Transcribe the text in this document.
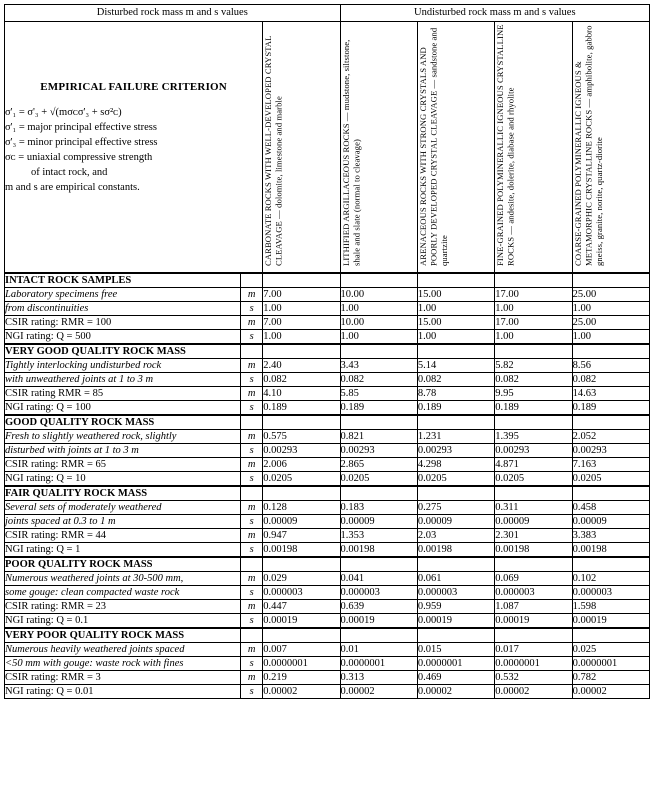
Disturbed rock mass m and s values			Undisturbed rock mass m and s values			

EMPIRICAL FAILURE CRITERION
σ'₁ = σ'₃ + √(mσᴄσ'₃ + sσ²ᴄ)
σ'₁ = major principal effective stress
σ'₃ = minor principal effective stress
σᴄ = uniaxial compressive strength
of intact rock, and
m and s are empirical constants.	CARBONATE ROCKS WITH WELL-DEVELOPED CRYSTAL CLEAVAGE — dolomite, limestone and marble	LITHIFIED ARGILLACEOUS ROCKS — mudstone, siltstone, shale and slate (normal to cleavage)	ARENACEOUS ROCKS WITH STRONG CRYSTALS AND POORLY DEVELOPED CRYSTAL CLEAVAGE — sandstone and quartzite	FINE-GRAINED POLYMINERALLIC IGNEOUS CRYSTALLINE ROCKS — andesite, dolerite, diabase and rhyolite	COARSE-GRAINED POLYMINERALLIC IGNEOUS & METAMORPHIC CRYSTALLINE ROCKS — amphibolite, gabbro gneiss, granite, norite, quartz-diorite

INTACT ROCK SAMPLES						
Laboratory specimens free	m	7.00	10.00	15.00	17.00	25.00
from discontinuities	s	1.00	1.00	1.00	1.00	1.00
CSIR rating: RMR = 100	m	7.00	10.00	15.00	17.00	25.00
NGI rating: Q = 500	s	1.00	1.00	1.00	1.00	1.00
VERY GOOD QUALITY ROCK MASS						
Tightly interlocking undisturbed rock	m	2.40	3.43	5.14	5.82	8.56
with unweathered joints at 1 to 3 m	s	0.082	0.082	0.082	0.082	0.082
CSIR rating RMR = 85	m	4.10	5.85	8.78	9.95	14.63
NGI rating: Q = 100	s	0.189	0.189	0.189	0.189	0.189
GOOD QUALITY ROCK MASS						
Fresh to slightly weathered rock, slightly	m	0.575	0.821	1.231	1.395	2.052
disturbed with joints at 1 to 3 m	s	0.00293	0.00293	0.00293	0.00293	0.00293
CSIR rating: RMR = 65	m	2.006	2.865	4.298	4.871	7.163
NGI rating: Q = 10	s	0.0205	0.0205	0.0205	0.0205	0.0205
FAIR QUALITY ROCK MASS						
Several sets of moderately weathered	m	0.128	0.183	0.275	0.311	0.458
joints spaced at 0.3 to 1 m	s	0.00009	0.00009	0.00009	0.00009	0.00009
CSIR rating: RMR = 44	m	0.947	1.353	2.03	2.301	3.383
NGI rating: Q = 1	s	0.00198	0.00198	0.00198	0.00198	0.00198
POOR QUALITY ROCK MASS						
Numerous weathered joints at 30-500 mm,	m	0.029	0.041	0.061	0.069	0.102
some gouge: clean compacted waste rock	s	0.000003	0.000003	0.000003	0.000003	0.000003
CSIR rating: RMR = 23	m	0.447	0.639	0.959	1.087	1.598
NGI rating: Q = 0.1	s	0.00019	0.00019	0.00019	0.00019	0.00019
VERY POOR QUALITY ROCK MASS						
Numerous heavily weathered joints spaced	m	0.007	0.01	0.015	0.017	0.025
<50 mm with gouge: waste rock with fines	s	0.0000001	0.0000001	0.0000001	0.0000001	0.0000001
CSIR rating: RMR = 3	m	0.219	0.313	0.469	0.532	0.782
NGI rating: Q = 0.01	s	0.00002	0.00002	0.00002	0.00002	0.00002
